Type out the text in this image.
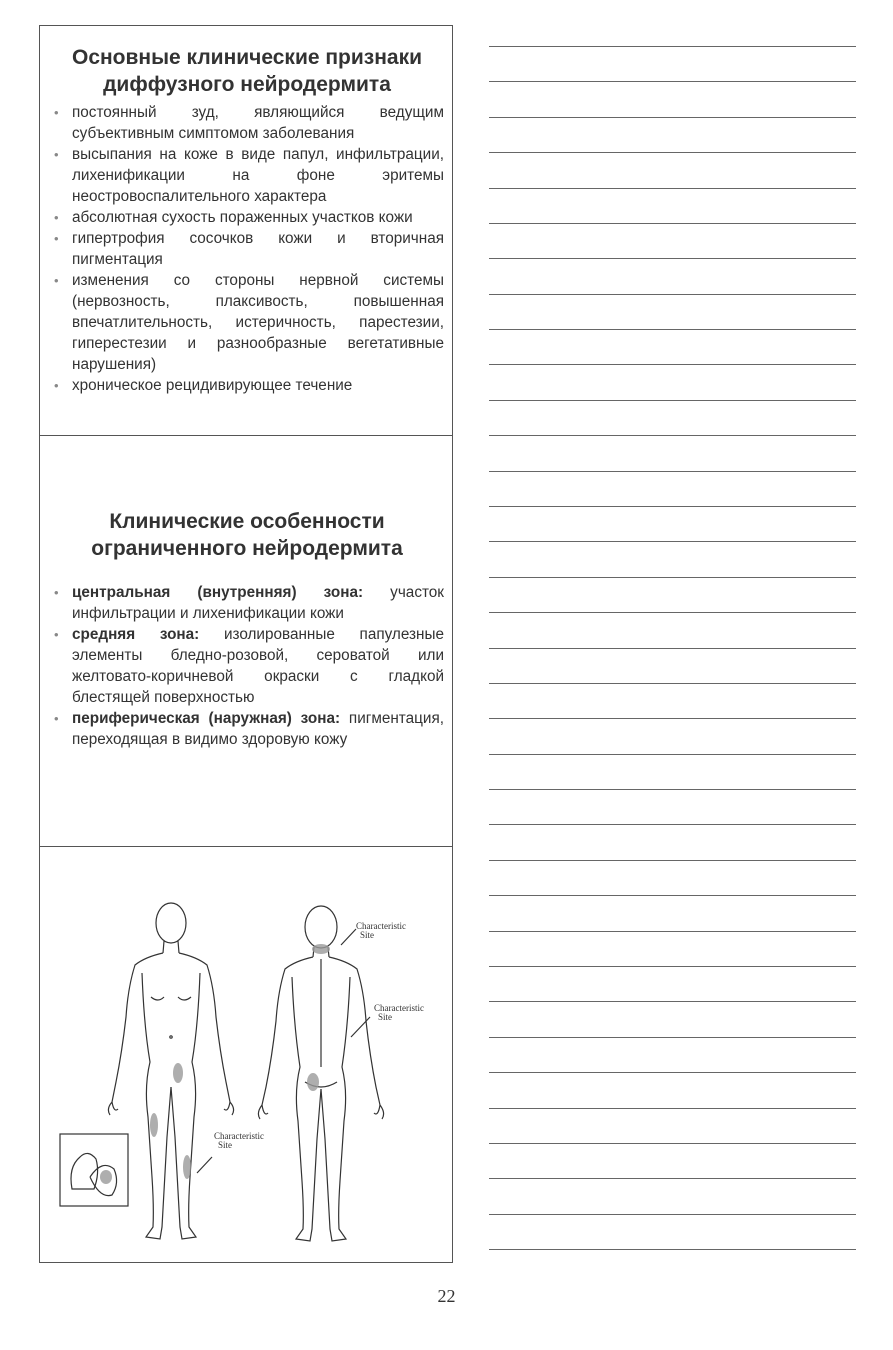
Основные клинические признаки
диффузного нейродермита
• постоянный зуд, являющийся ведущим субъективным симптомом заболевания
• высыпания на коже в виде папул, инфильтрации, лихенификации на фоне эритемы неостровоспалительного характера
• абсолютная сухость пораженных участков кожи
• гипертрофия сосочков кожи и вторичная пигментация
• изменения со стороны нервной системы (нервозность, плаксивость, повышенная впечатлительность, истеричность, парестезии, гиперестезии и разнообразные вегетативные нарушения)
• хроническое рецидивирующее течение
Клинические особенности
ограниченного нейродермита
• центральная (внутренняя) зона: участок инфильтрации и лихенификации кожи
• средняя зона: изолированные папулезные элементы бледно-розовой, сероватой или желтовато-коричневой окраски с гладкой блестящей поверхностью
• периферическая (наружная) зона: пигментация, переходящая в видимо здоровую кожу
Characteristic Site
Characteristic Site
Characteristic Site
22
